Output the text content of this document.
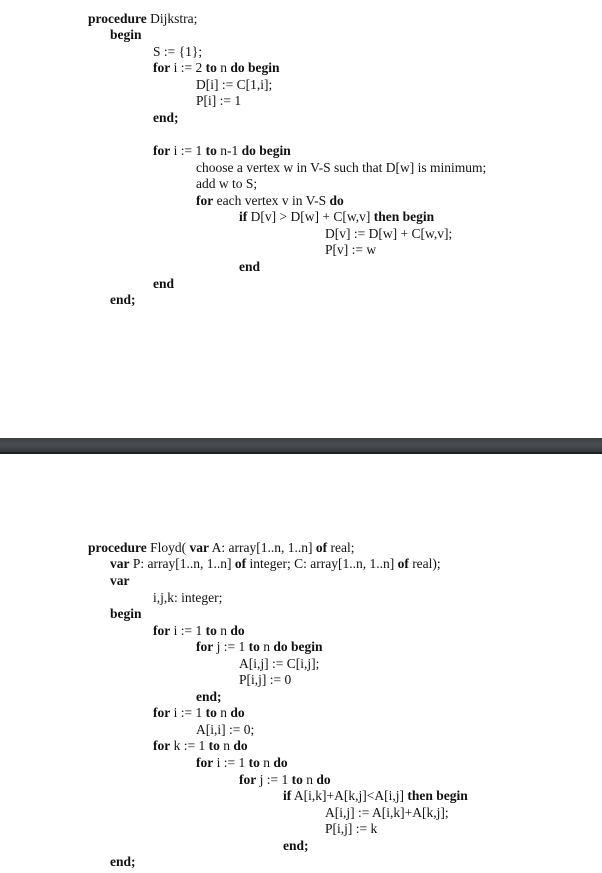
procedure Dijkstra;
begin
S := {1};
for i := 2 to n do begin
D[i] := C[1,i];
P[i] := 1
end;
for i := 1 to n-1 do begin
choose a vertex w in V-S such that D[w] is minimum;
add w to S;
for each vertex v in V-S do
if D[v] > D[w] + C[w,v] then begin
D[v] := D[w] + C[w,v];
P[v] := w
end
end
end;
procedure Floyd( var A: array[1..n, 1..n] of real;
var P: array[1..n, 1..n] of integer; C: array[1..n, 1..n] of real);
var
i,j,k: integer;
begin
for i := 1 to n do
for j := 1 to n do begin
A[i,j] := C[i,j];
P[i,j] := 0
end;
for i := 1 to n do
A[i,i] := 0;
for k := 1 to n do
for i := 1 to n do
for j := 1 to n do
if A[i,k]+A[k,j]<A[i,j] then begin
A[i,j] := A[i,k]+A[k,j];
P[i,j] := k
end;
end;
